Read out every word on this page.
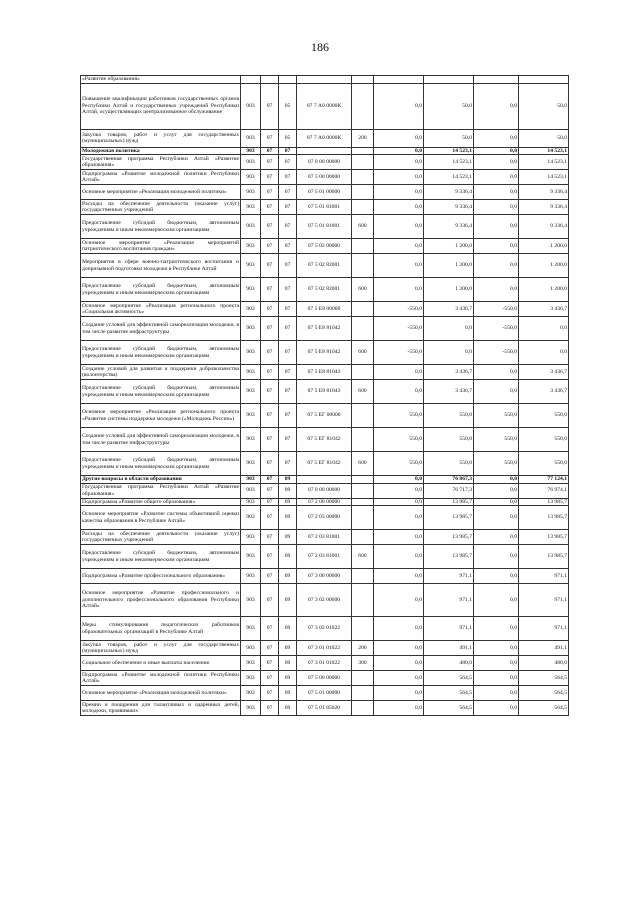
186
«Развитие образования»									
Повышение квалификации работников государственных органов Республики Алтай и государственных учреждений Республики Алтай, осуществляющих централизованное обслуживание	903	07	05	07 7 А0 0000К		0,0	50,0	0,0	50,0
Закупка товаров, работ и услуг для государственных (муниципальных) нужд	903	07	05	07 7 А0 0000К	200	0,0	50,0	0,0	50,0
Молодежная политика	903	07	07			0,0	14 523,1	0,0	14 523,1
Государственная программа Республики Алтай «Развитие образования»	903	07	07	07 0 00 00000		0,0	14 523,1	0,0	14 523,1
Подпрограмма «Развитие молодежной политики Республики Алтай»	903	07	07	07 5 00 00000		0,0	14 523,1	0,0	14 523,1
Основное мероприятие «Реализация молодежной политики»	903	07	07	07 5 01 00000		0,0	9 336,4	0,0	9 336,4
Расходы на обеспечение деятельности (оказание услуг) государственных учреждений	903	07	07	07 5 01 81001		0,0	9 336,4	0,0	9 336,4
Предоставление субсидий бюджетным, автономным учреждениям и иным некоммерческим организациям	903	07	07	07 5 01 81001	600	0,0	9 336,4	0,0	9 336,4
Основное мероприятие «Реализация мероприятий патриотического воспитания граждан»	903	07	07	07 5 02 00000		0,0	1 200,0	0,0	1 200,0
Мероприятия в сфере военно-патриотического воспитания и допризывной подготовки молодежи в Республике Алтай	903	07	07	07 5 02 82001		0,0	1 200,0	0,0	1 200,0
Предоставление субсидий бюджетным, автономным учреждениям и иным некоммерческим организациям	903	07	07	07 5 02 82001	600	0,0	1 200,0	0,0	1 200,0
Основное мероприятие «Реализация регионального проекта «Социальная активность»	903	07	07	07 5 Е8 00000		-550,0	3 436,7	-550,0	3 436,7
Создание условий для эффективной самореализации молодежи, в том числе развитие инфраструктуры	903	07	07	07 5 Е8 81042		-550,0	0,0	-550,0	0,0
Предоставление субсидий бюджетным, автономным учреждениям и иным некоммерческим организациям	903	07	07	07 5 Е8 81042	600	-550,0	0,0	-550,0	0,0
Создание условий для развития и поддержки добровольчества (волонтерства)	903	07	07	07 5 Е8 81043		0,0	3 436,7	0,0	3 436,7
Предоставление субсидий бюджетным, автономным учреждениям и иным некоммерческим организациям	903	07	07	07 5 Е8 81043	600	0,0	3 436,7	0,0	3 436,7
Основное мероприятие «Реализация регионального проекта «Развитие системы поддержки молодежи («Молодежь России»)	903	07	07	07 5 ЕГ 00000		550,0	550,0	550,0	550,0
Создание условий для эффективной самореализации молодежи, в том числе развитие инфраструктуры	903	07	07	07 5 ЕГ 81042		550,0	550,0	550,0	550,0
Предоставление субсидий бюджетным, автономным учреждениям и иным некоммерческим организациям	903	07	07	07 5 ЕГ 81042	600	550,0	550,0	550,0	550,0
Другие вопросы в области образования	903	07	09			0,0	76 867,3	0,0	77 124,1
Государственная программа Республики Алтай «Развитие образования»	903	07	09	07 0 00 00000		0,0	76 717,3	0,0	76 974,1
Подпрограмма «Развитие общего образования»	903	07	09	07 2 00 00000		0,0	13 985,7	0,0	13 985,7
Основное мероприятие «Развитие системы объективной оценки качества образования в Республике Алтай»	903	07	09	07 2 03 00000		0,0	13 985,7	0,0	13 985,7
Расходы на обеспечение деятельности (оказание услуг) государственных учреждений	903	07	09	07 2 03 81001		0,0	13 985,7	0,0	13 985,7
Предоставление субсидий бюджетным, автономным учреждениям и иным некоммерческим организациям	903	07	09	07 2 03 81001	600	0,0	13 985,7	0,0	13 985,7
Подпрограмма «Развитие профессионального образования»	903	07	09	07 3 00 00000		0,0	971,1	0,0	971,1
Основное мероприятие «Развитие профессионального и дополнительного профессионального образования Республики Алтай»	903	07	09	07 3 02 00000		0,0	971,1	0,0	971,1
Меры стимулирования педагогических работников образовательных организаций в Республике Алтай	903	07	09	07 3 02 01022		0,0	971,1	0,0	971,1
Закупка товаров, работ и услуг для государственных (муниципальных) нужд	903	07	09	07 3 01 01022	200	0,0	491,1	0,0	491,1
Социальное обеспечение и иные выплаты населению	903	07	09	07 3 01 01022	300	0,0	480,0	0,0	480,0
Подпрограмма «Развитие молодежной политики Республики Алтай»	903	07	09	07 5 00 00000		0,0	564,5	0,0	564,5
Основное мероприятие «Реализация молодежной политики»	903	07	09	07 5 01 00000		0,0	564,5	0,0	564,5
Премии и поощрения для талантливых и одаренных детей, молодежи, проявивших	903	07	09	07 5 01 85020		0,0	564,5	0,0	564,5
